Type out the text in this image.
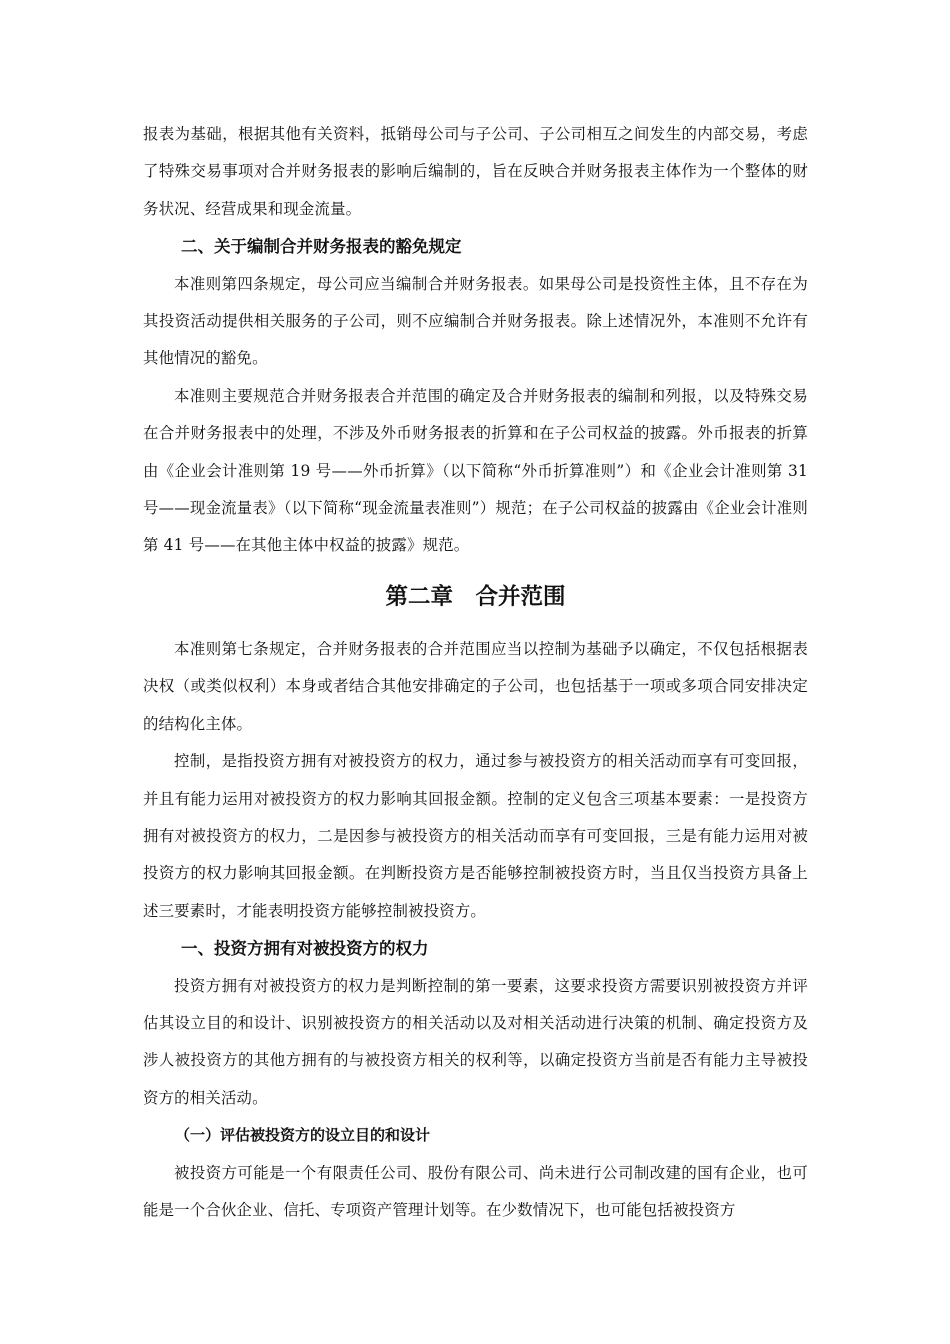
报表为基础，根据其他有关资料，抵销母公司与子公司、子公司相互之间发生的内部交易，考虑了特殊交易事项对合并财务报表的影响后编制的，旨在反映合并财务报表主体作为一个整体的财务状况、经营成果和现金流量。

二、关于编制合并财务报表的豁免规定

本准则第四条规定，母公司应当编制合并财务报表。如果母公司是投资性主体，且不存在为其投资活动提供相关服务的子公司，则不应编制合并财务报表。除上述情况外，本准则不允许有其他情况的豁免。

本准则主要规范合并财务报表合并范围的确定及合并财务报表的编制和列报，以及特殊交易在合并财务报表中的处理，不涉及外币财务报表的折算和在子公司权益的披露。外币报表的折算由《企业会计准则第 19 号——外币折算》（以下简称“外币折算准则”）和《企业会计准则第 31 号——现金流量表》（以下简称“现金流量表准则”）规范；在子公司权益的披露由《企业会计准则第 41 号——在其他主体中权益的披露》规范。

第二章　合并范围

本准则第七条规定，合并财务报表的合并范围应当以控制为基础予以确定，不仅包括根据表决权（或类似权利）本身或者结合其他安排确定的子公司，也包括基于一项或多项合同安排决定的结构化主体。

控制，是指投资方拥有对被投资方的权力，通过参与被投资方的相关活动而享有可变回报，并且有能力运用对被投资方的权力影响其回报金额。控制的定义包含三项基本要素：一是投资方拥有对被投资方的权力，二是因参与被投资方的相关活动而享有可变回报，三是有能力运用对被投资方的权力影响其回报金额。在判断投资方是否能够控制被投资方时，当且仅当投资方具备上述三要素时，才能表明投资方能够控制被投资方。

一、投资方拥有对被投资方的权力

投资方拥有对被投资方的权力是判断控制的第一要素，这要求投资方需要识别被投资方并评估其设立目的和设计、识别被投资方的相关活动以及对相关活动进行决策的机制、确定投资方及涉人被投资方的其他方拥有的与被投资方相关的权利等，以确定投资方当前是否有能力主导被投资方的相关活动。

（一）评估被投资方的设立目的和设计

被投资方可能是一个有限责任公司、股份有限公司、尚未进行公司制改建的国有企业，也可能是一个合伙企业、信托、专项资产管理计划等。在少数情况下，也可能包括被投资方
